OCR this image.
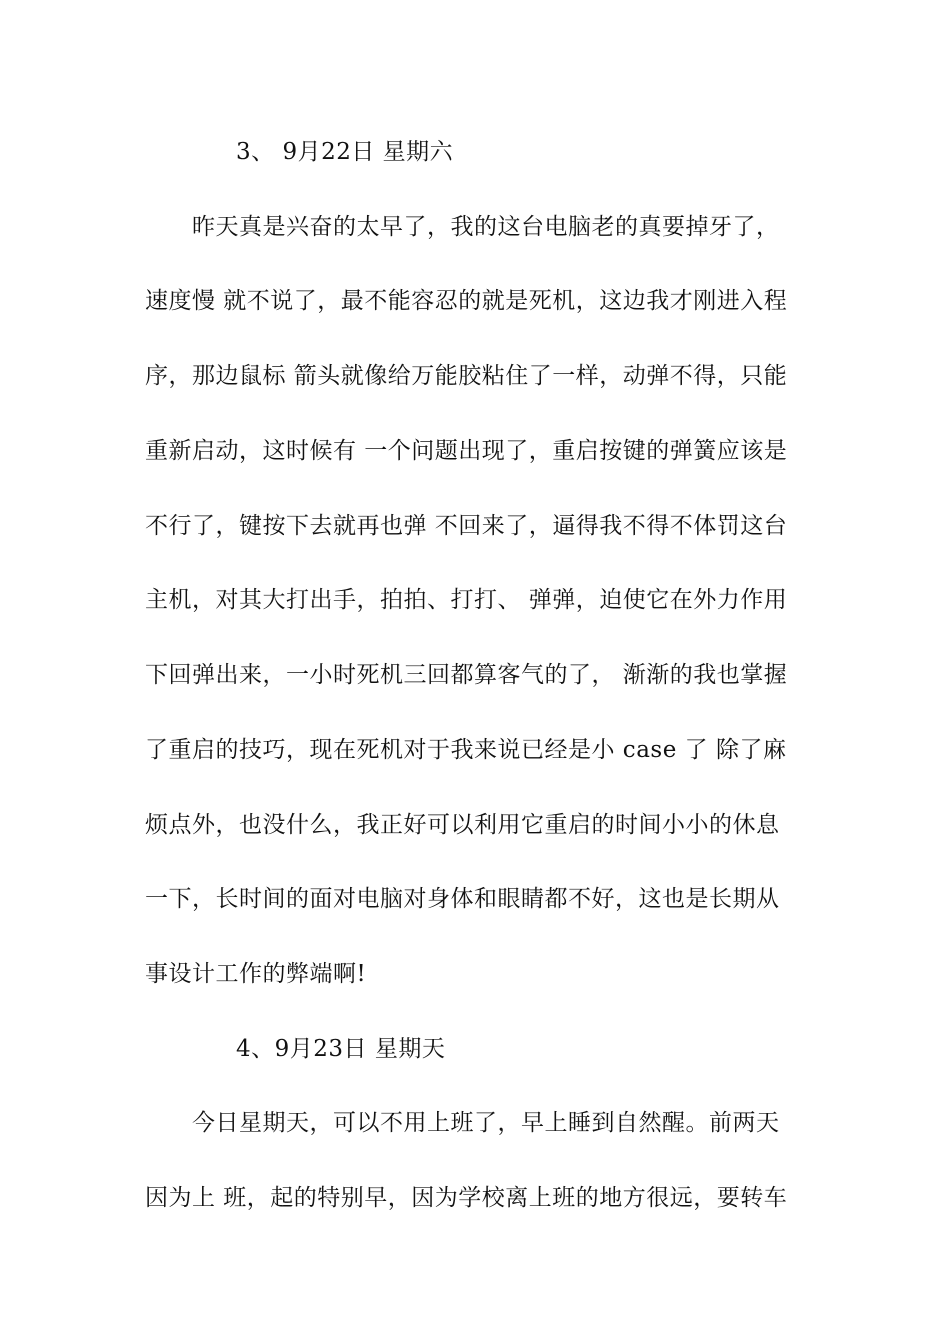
3、 9月22日 星期六
昨天真是兴奋的太早了，我的这台电脑老的真要掉牙了，
速度慢 就不说了，最不能容忍的就是死机，这边我才刚进入程
序，那边鼠标 箭头就像给万能胶粘住了一样，动弹不得，只能
重新启动，这时候有 一个问题出现了，重启按键的弹簧应该是
不行了，键按下去就再也弹 不回来了，逼得我不得不体罚这台
主机，对其大打出手，拍拍、打打、 弹弹，迫使它在外力作用
下回弹出来，一小时死机三回都算客气的了， 渐渐的我也掌握
了重启的技巧，现在死机对于我来说已经是小 case 了 除了麻
烦点外，也没什么，我正好可以利用它重启的时间小小的休息
一下，长时间的面对电脑对身体和眼睛都不好，这也是长期从
事设计工作的弊端啊!
4、9月23日 星期天
今日星期天，可以不用上班了，早上睡到自然醒。前两天
因为上 班，起的特别早，因为学校离上班的地方很远，要转车
